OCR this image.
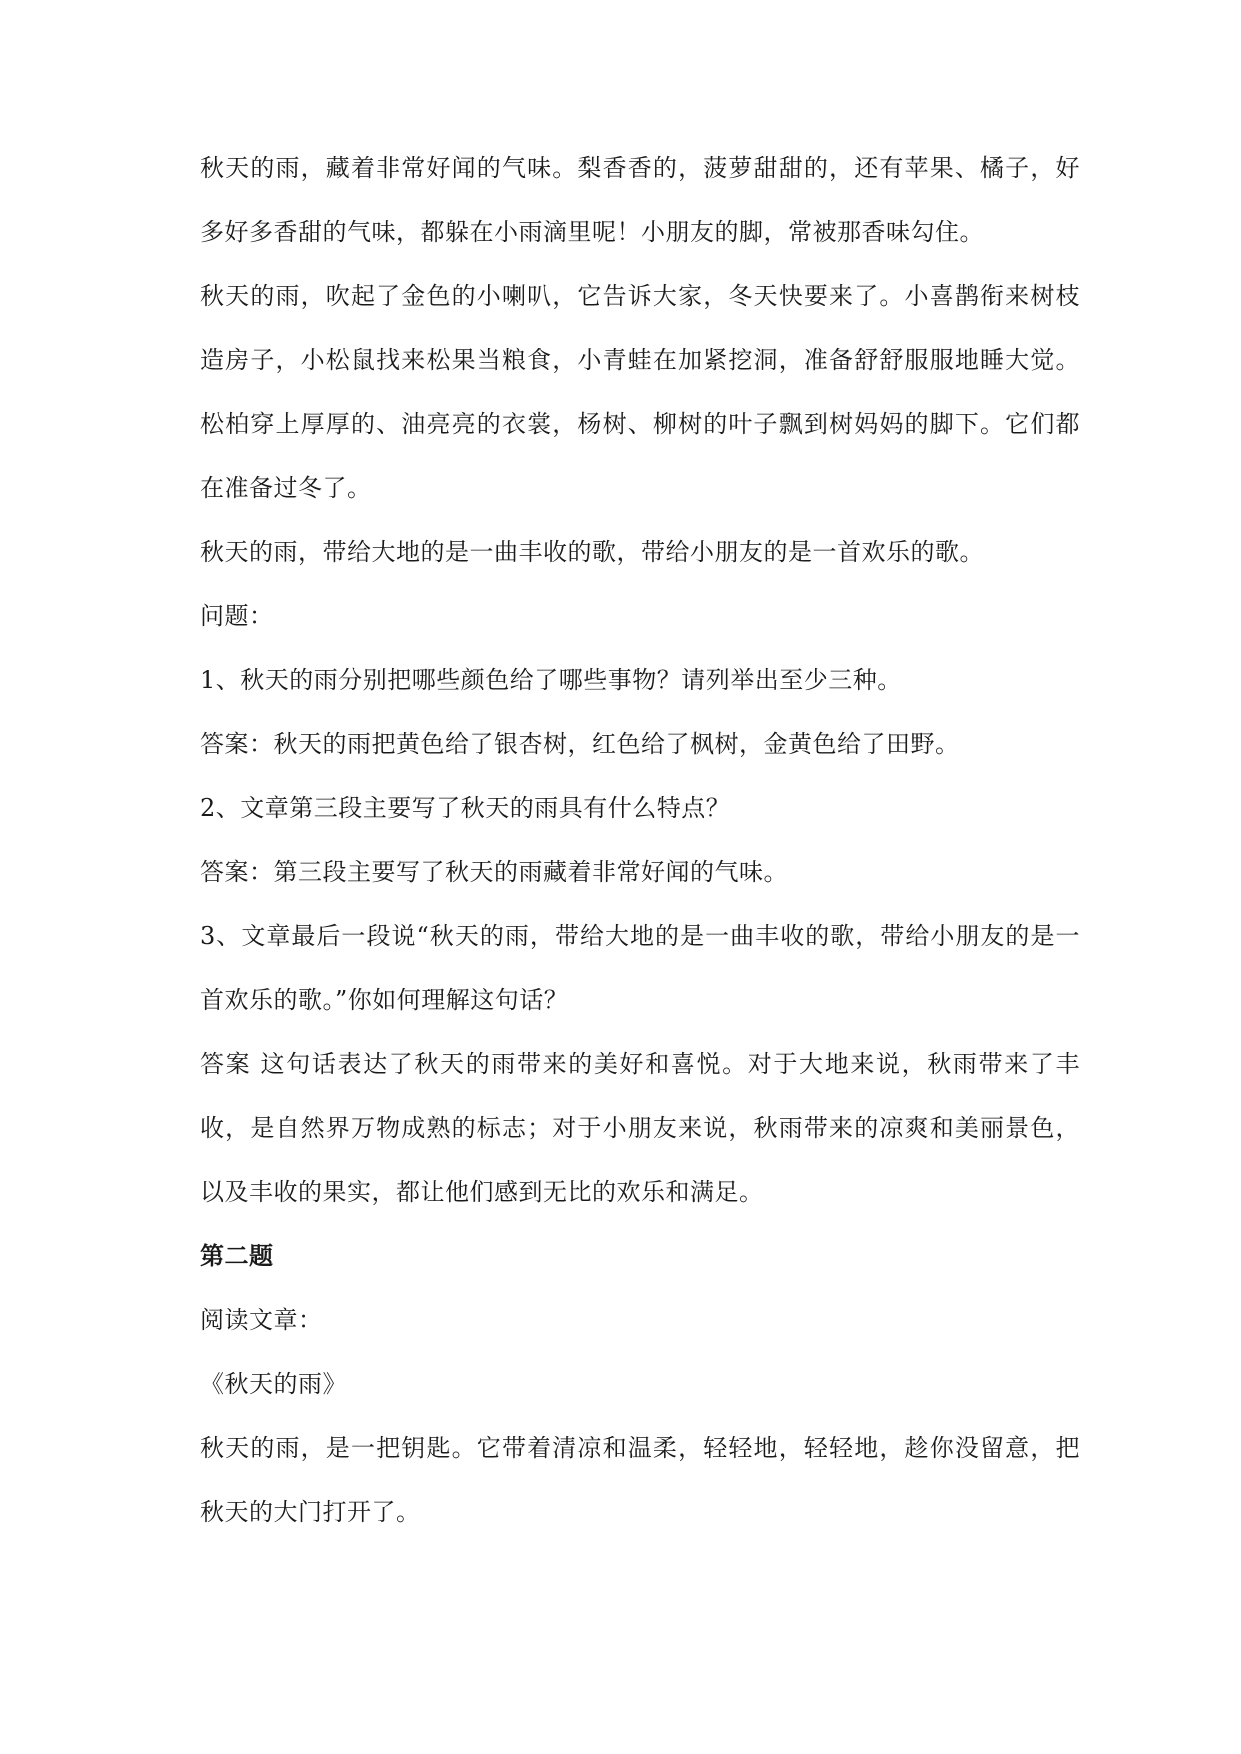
秋天的雨，藏着非常好闻的气味。梨香香的，菠萝甜甜的，还有苹果、橘子，好多好多香甜的气味，都躲在小雨滴里呢！小朋友的脚，常被那香味勾住。

秋天的雨，吹起了金色的小喇叭，它告诉大家，冬天快要来了。小喜鹊衔来树枝造房子，小松鼠找来松果当粮食，小青蛙在加紧挖洞，准备舒舒服服地睡大觉。松柏穿上厚厚的、油亮亮的衣裳，杨树、柳树的叶子飘到树妈妈的脚下。它们都在准备过冬了。

秋天的雨，带给大地的是一曲丰收的歌，带给小朋友的是一首欢乐的歌。

问题：

1、秋天的雨分别把哪些颜色给了哪些事物？请列举出至少三种。

答案：秋天的雨把黄色给了银杏树，红色给了枫树，金黄色给了田野。

2、文章第三段主要写了秋天的雨具有什么特点？

答案：第三段主要写了秋天的雨藏着非常好闻的气味。

3、文章最后一段说“秋天的雨，带给大地的是一曲丰收的歌，带给小朋友的是一首欢乐的歌。”你如何理解这句话？

答案 这句话表达了秋天的雨带来的美好和喜悦。对于大地来说，秋雨带来了丰收，是自然界万物成熟的标志；对于小朋友来说，秋雨带来的凉爽和美丽景色，以及丰收的果实，都让他们感到无比的欢乐和满足。

第二题

阅读文章：

《秋天的雨》

秋天的雨，是一把钥匙。它带着清凉和温柔，轻轻地，轻轻地，趁你没留意，把秋天的大门打开了。
